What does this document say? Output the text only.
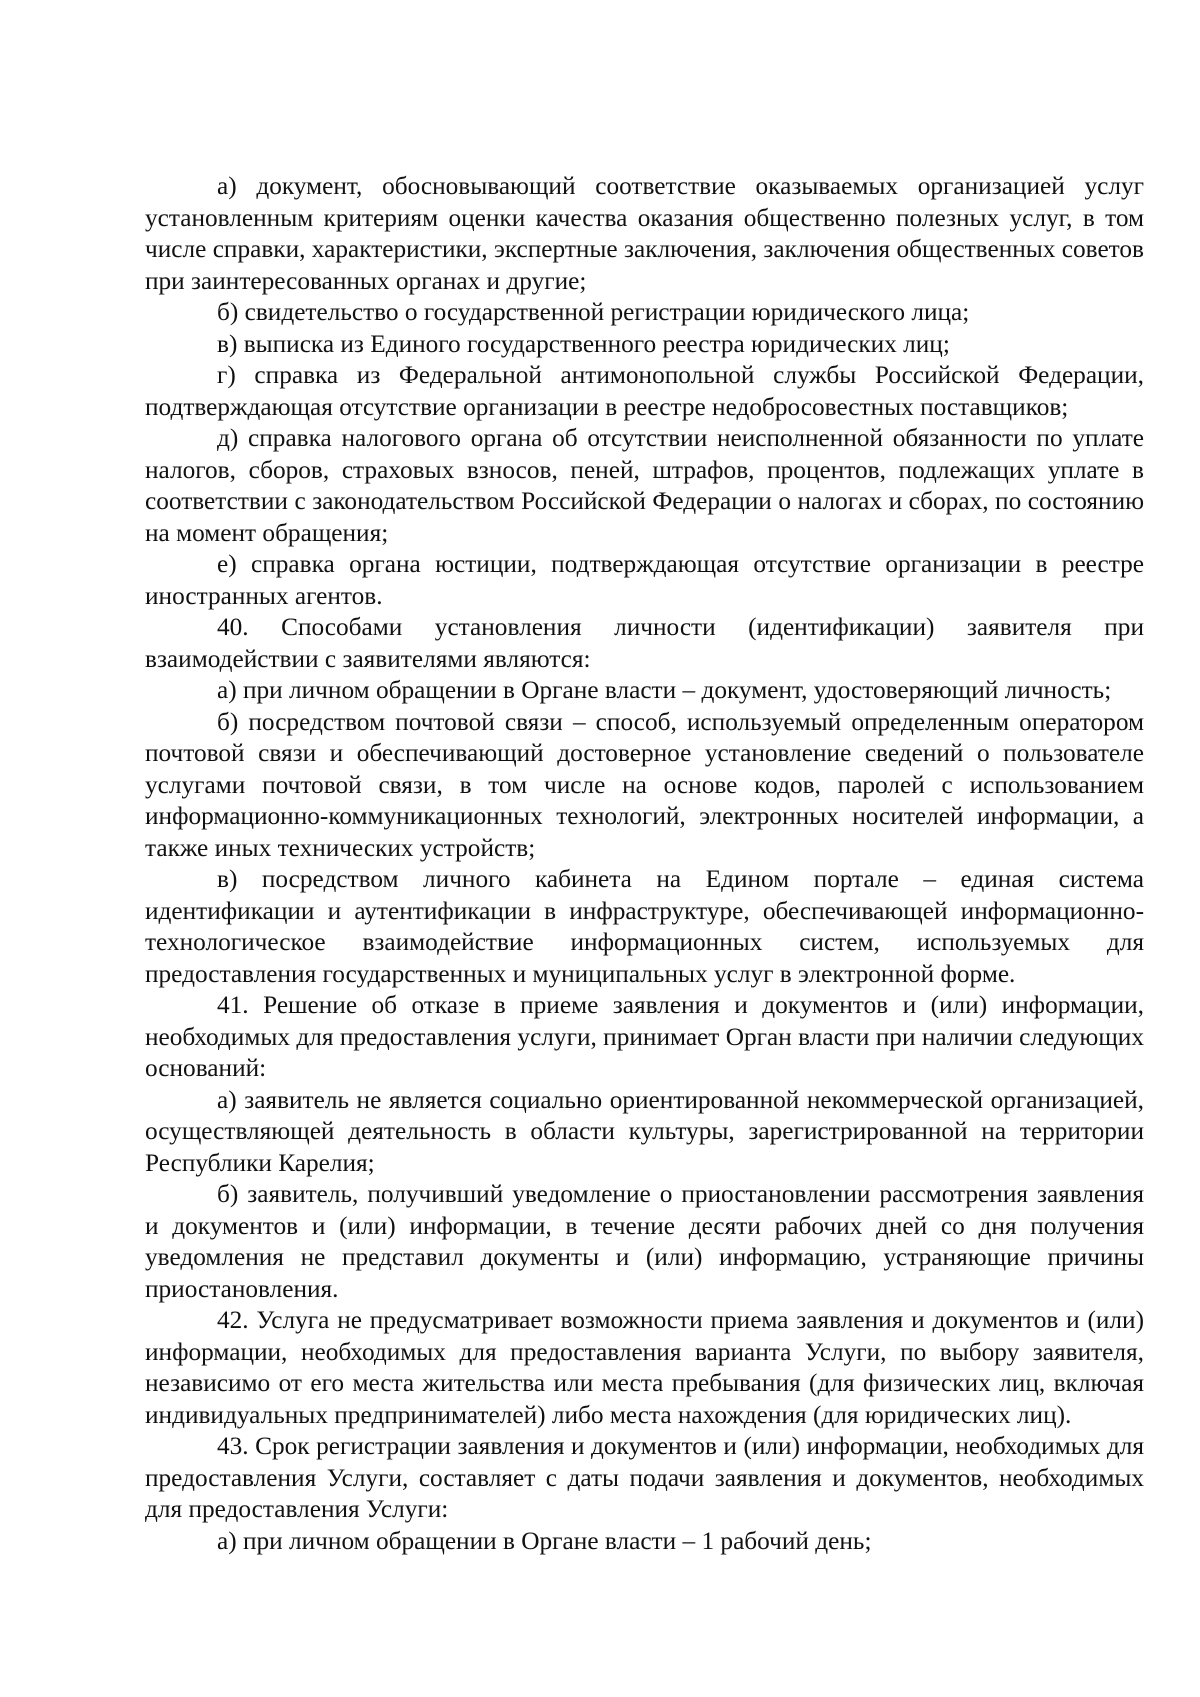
а) документ, обосновывающий соответствие оказываемых организацией услуг установленным критериям оценки качества оказания общественно полезных услуг, в том числе справки, характеристики, экспертные заключения, заключения общественных советов при заинтересованных органах и другие;

б) свидетельство о государственной регистрации юридического лица;

в) выписка из Единого государственного реестра юридических лиц;

г) справка из Федеральной антимонопольной службы Российской Федерации, подтверждающая отсутствие организации в реестре недобросовестных поставщиков;

д) справка налогового органа об отсутствии неисполненной обязанности по уплате налогов, сборов, страховых взносов, пеней, штрафов, процентов, подлежащих уплате в соответствии с законодательством Российской Федерации о налогах и сборах, по состоянию на момент обращения;

е) справка органа юстиции, подтверждающая отсутствие организации в реестре иностранных агентов.

40. Способами установления личности (идентификации) заявителя при взаимодействии с заявителями являются:

а) при личном обращении в Органе власти – документ, удостоверяющий личность;

б) посредством почтовой связи – способ, используемый определенным оператором почтовой связи и обеспечивающий достоверное установление сведений о пользователе услугами почтовой связи, в том числе на основе кодов, паролей с использованием информационно-коммуникационных технологий, электронных носителей информации, а также иных технических устройств;

в) посредством личного кабинета на Едином портале – единая система идентификации и аутентификации в инфраструктуре, обеспечивающей информационно-технологическое взаимодействие информационных систем, используемых для предоставления государственных и муниципальных услуг в электронной форме.

41. Решение об отказе в приеме заявления и документов и (или) информации, необходимых для предоставления услуги, принимает Орган власти при наличии следующих оснований:

а) заявитель не является социально ориентированной некоммерческой организацией, осуществляющей деятельность в области культуры, зарегистрированной на территории Республики Карелия;

б) заявитель, получивший уведомление о приостановлении рассмотрения заявления и документов и (или) информации, в течение десяти рабочих дней со дня получения уведомления не представил документы и (или) информацию, устраняющие причины приостановления.

42. Услуга не предусматривает возможности приема заявления и документов и (или) информации, необходимых для предоставления варианта Услуги, по выбору заявителя, независимо от его места жительства или места пребывания (для физических лиц, включая индивидуальных предпринимателей) либо места нахождения (для юридических лиц).

43. Срок регистрации заявления и документов и (или) информации, необходимых для предоставления Услуги, составляет с даты подачи заявления и документов, необходимых для предоставления Услуги:

а) при личном обращении в Органе власти – 1 рабочий день;
